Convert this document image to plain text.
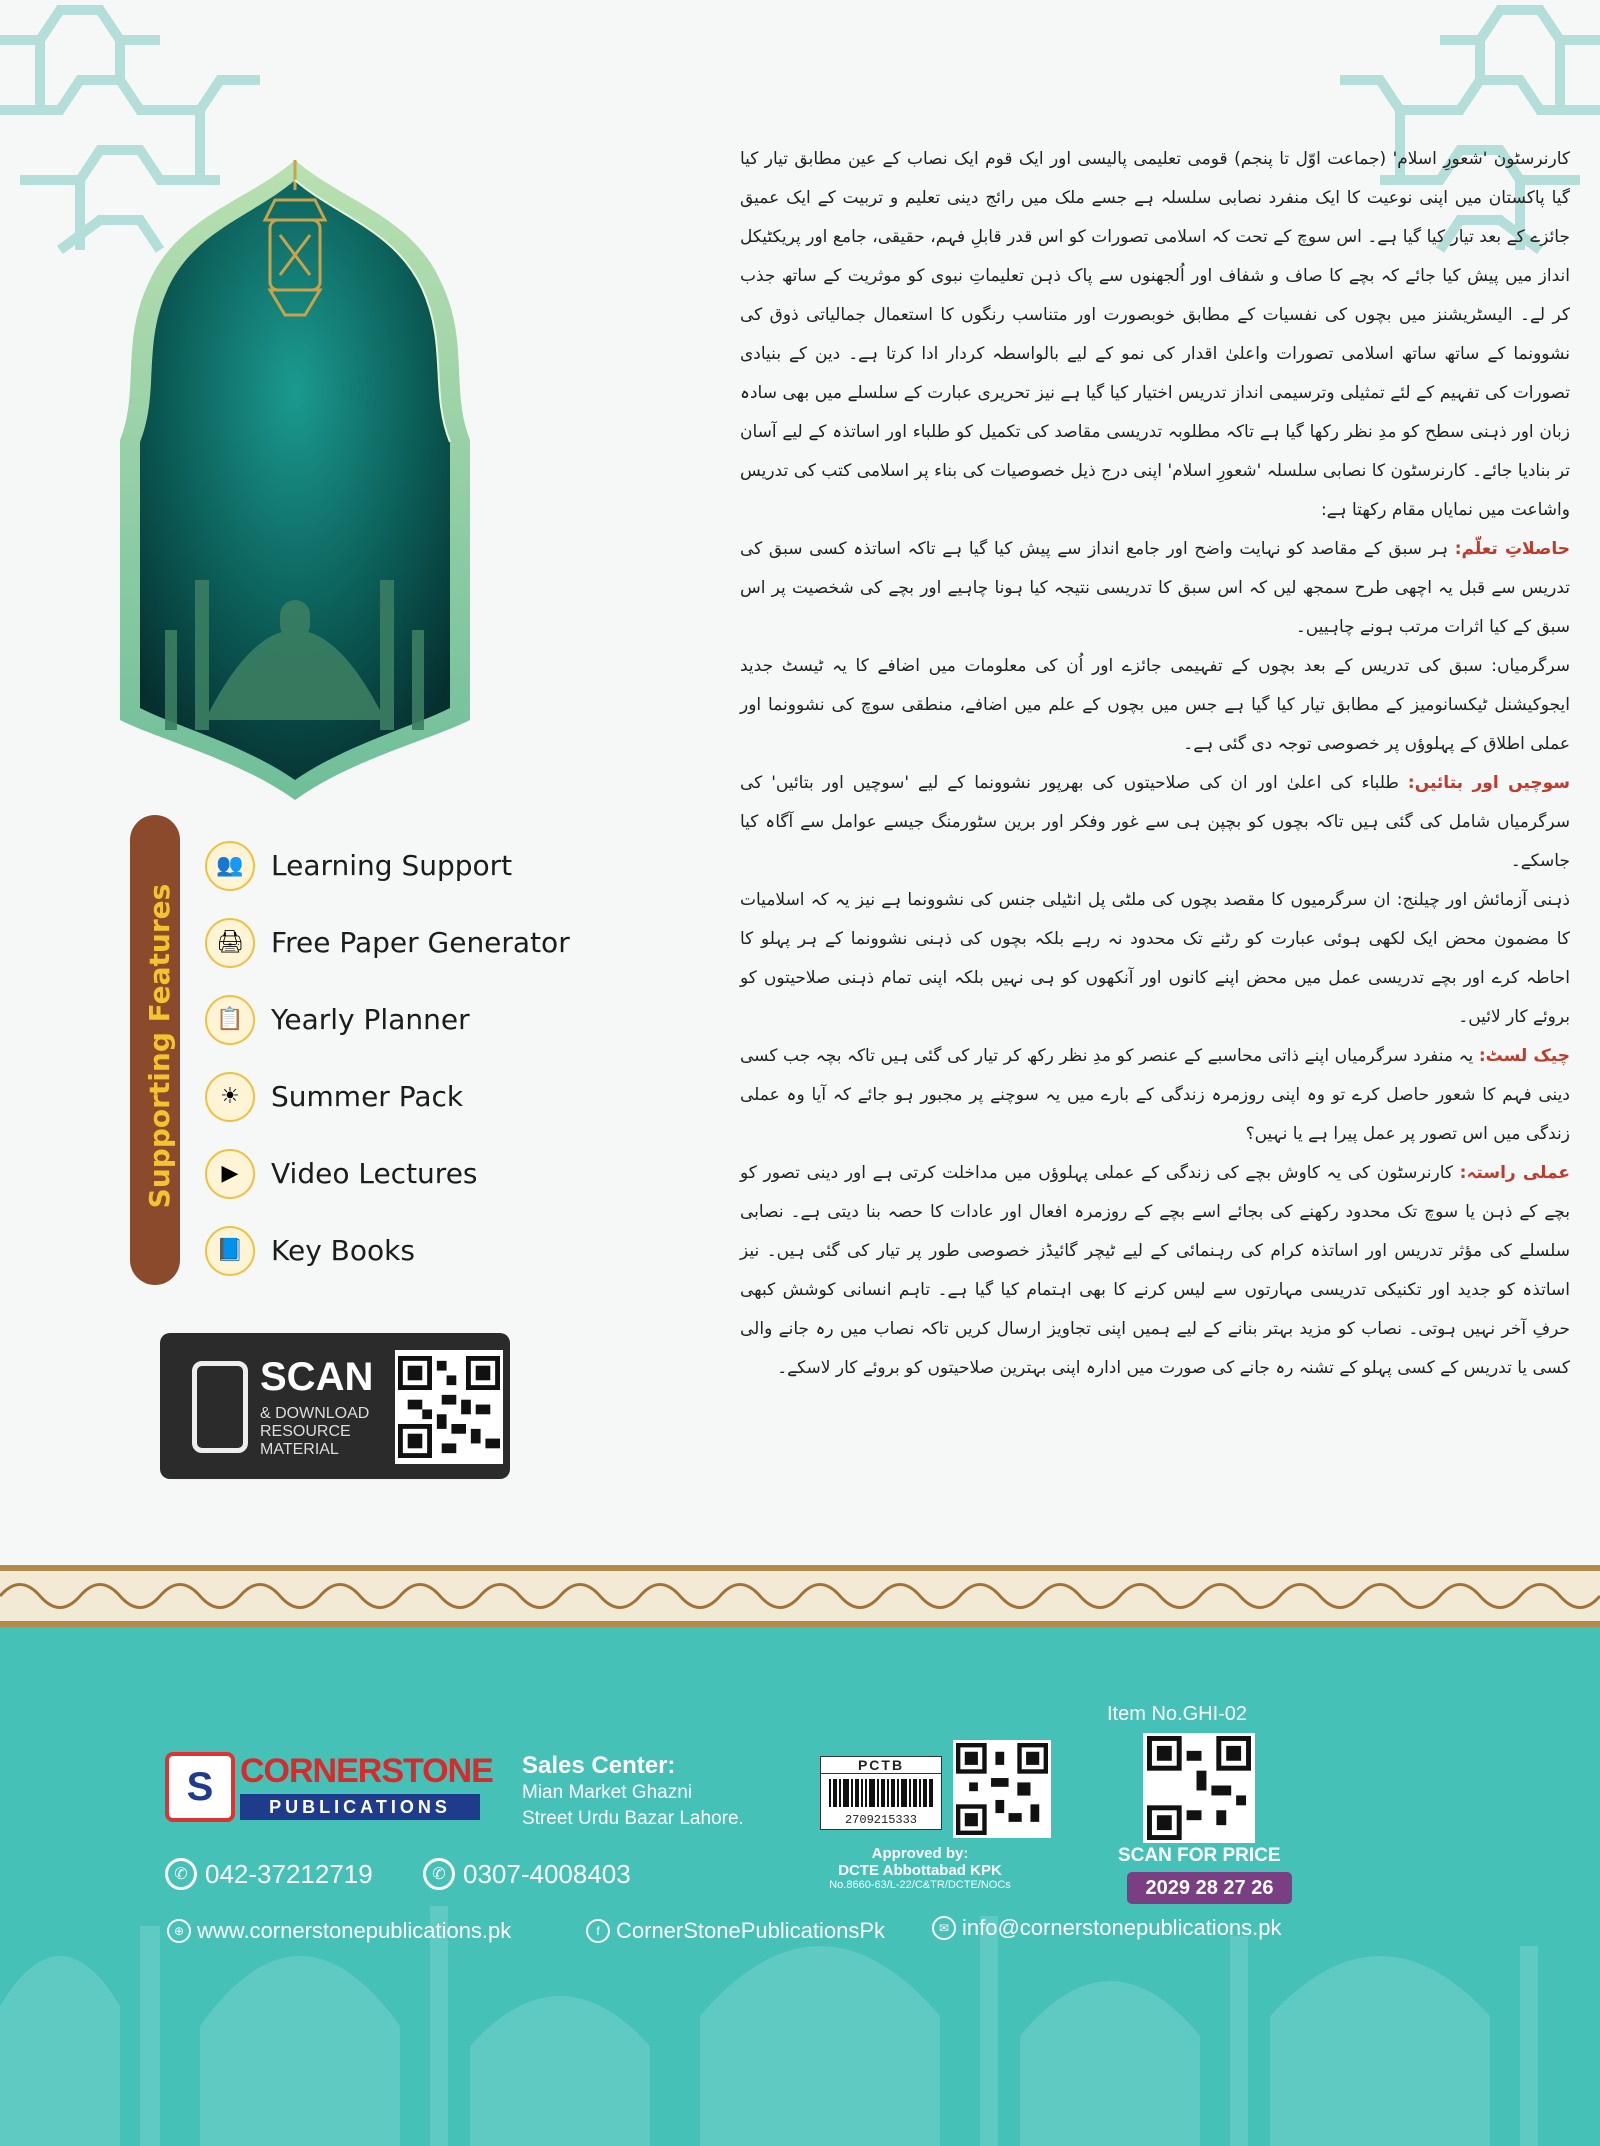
کارنرسٹون 'شعورِ اسلام' (جماعت اوّل تا پنجم) قومی تعلیمی پالیسی اور ایک قوم ایک نصاب کے عین مطابق تیار کیا گیا پاکستان میں اپنی نوعیت کا ایک منفرد نصابی سلسلہ ہے جسے ملک میں رائج دینی تعلیم و تربیت کے ایک عمیق جائزے کے بعد تیار کیا گیا ہے۔ اس سوچ کے تحت کہ اسلامی تصورات کو اس قدر قابلِ فہم، حقیقی، جامع اور پریکٹیکل انداز میں پیش کیا جائے کہ بچے کا صاف و شفاف اور اُلجھنوں سے پاک ذہن تعلیماتِ نبوی کو موثریت کے ساتھ جذب کر لے۔ الیسٹریشنز میں بچوں کی نفسیات کے مطابق خوبصورت اور متناسب رنگوں کا استعمال جمالیاتی ذوق کی نشوونما کے ساتھ ساتھ اسلامی تصورات واعلیٰ اقدار کی نمو کے لیے بالواسطہ کردار ادا کرتا ہے۔ دین کے بنیادی تصورات کی تفہیم کے لئے تمثیلی وترسیمی انداز تدریس اختیار کیا گیا ہے نیز تحریری عبارت کے سلسلے میں بھی سادہ زبان اور ذہنی سطح کو مدِ نظر رکھا گیا ہے تاکہ مطلوبہ تدریسی مقاصد کی تکمیل کو طلباء اور اساتذہ کے لیے آسان تر بنادیا جائے۔ کارنرسٹون کا نصابی سلسلہ 'شعورِ اسلام' اپنی درج ذیل خصوصیات کی بناء پر اسلامی کتب کی تدریس واشاعت میں نمایاں مقام رکھتا ہے:

حاصلاتِ تعلّم: ہر سبق کے مقاصد کو نہایت واضح اور جامع انداز سے پیش کیا گیا ہے تاکہ اساتذہ کسی سبق کی تدریس سے قبل یہ اچھی طرح سمجھ لیں کہ اس سبق کا تدریسی نتیجہ کیا ہونا چاہیے اور بچے کی شخصیت پر اس سبق کے کیا اثرات مرتب ہونے چاہییں۔

سرگرمیاں: سبق کی تدریس کے بعد بچوں کے تفہیمی جائزے اور اُن کی معلومات میں اضافے کا یہ ٹیسٹ جدید ایجوکیشنل ٹیکسانومیز کے مطابق تیار کیا گیا ہے جس میں بچوں کے علم میں اضافے، منطقی سوچ کی نشوونما اور عملی اطلاق کے پہلوؤں پر خصوصی توجہ دی گئی ہے۔

سوچیں اور بتائیں: طلباء کی اعلیٰ اور ان کی صلاحیتوں کی بھرپور نشوونما کے لیے 'سوچیں اور بتائیں' کی سرگرمیاں شامل کی گئی ہیں تاکہ بچوں کو بچپن ہی سے غور وفکر اور برین سٹورمنگ جیسے عوامل سے آگاہ کیا جاسکے۔

ذہنی آزمائش اور چیلنج: ان سرگرمیوں کا مقصد بچوں کی ملٹی پل انٹیلی جنس کی نشوونما ہے نیز یہ کہ اسلامیات کا مضمون محض ایک لکھی ہوئی عبارت کو رٹنے تک محدود نہ رہے بلکہ بچوں کی ذہنی نشوونما کے ہر پہلو کا احاطہ کرے اور بچے تدریسی عمل میں محض اپنے کانوں اور آنکھوں کو ہی نہیں بلکہ اپنی تمام ذہنی صلاحیتوں کو بروئے کار لائیں۔

چیک لسٹ: یہ منفرد سرگرمیاں اپنے ذاتی محاسبے کے عنصر کو مدِ نظر رکھ کر تیار کی گئی ہیں تاکہ بچہ جب کسی دینی فہم کا شعور حاصل کرے تو وہ اپنی روزمرہ زندگی کے بارے میں یہ سوچنے پر مجبور ہو جائے کہ آیا وہ عملی زندگی میں اس تصور پر عمل پیرا ہے یا نہیں؟

عملی راستہ: کارنرسٹون کی یہ کاوش بچے کی زندگی کے عملی پہلوؤں میں مداخلت کرتی ہے اور دینی تصور کو بچے کے ذہن یا سوچ تک محدود رکھنے کی بجائے اسے بچے کے روزمرہ افعال اور عادات کا حصہ بنا دیتی ہے۔ نصابی سلسلے کی مؤثر تدریس اور اساتذہ کرام کی رہنمائی کے لیے ٹیچر گائیڈز خصوصی طور پر تیار کی گئی ہیں۔ نیز اساتذہ کو جدید اور تکنیکی تدریسی مہارتوں سے لیس کرنے کا بھی اہتمام کیا گیا ہے۔ تاہم انسانی کوشش کبھی حرفِ آخر نہیں ہوتی۔ نصاب کو مزید بہتر بنانے کے لیے ہمیں اپنی تجاویز ارسال کریں تاکہ نصاب میں رہ جانے والی کسی یا تدریس کے کسی پہلو کے تشنہ رہ جانے کی صورت میں ادارہ اپنی بہترین صلاحیتوں کو بروئے کار لاسکے۔

Supporting Features
👥 Learning Support
🖨 Free Paper Generator
📋 Yearly Planner
☀	Summer Pack
▶	Video Lectures
📘 Key Books
SCAN
& DOWNLOAD
RESOURCE
MATERIAL
S CORNERSTONE
PUBLICATIONS
Sales Center:
Mian Market Ghazni
Street Urdu Bazar Lahore.
✆ 042-37212719	✆ 0307-4008403
⊕ www.cornerstonepublications.pk	f CornerStonePublicationsPk	✉ info@cornerstonepublications.pk
PCTB
2709215333
Approved by:
DCTE Abbottabad KPK
No.8660-63/L-22/C&TR/DCTE/NOCs
Item No.GHI-02
SCAN FOR PRICE
2029 28 27 26
